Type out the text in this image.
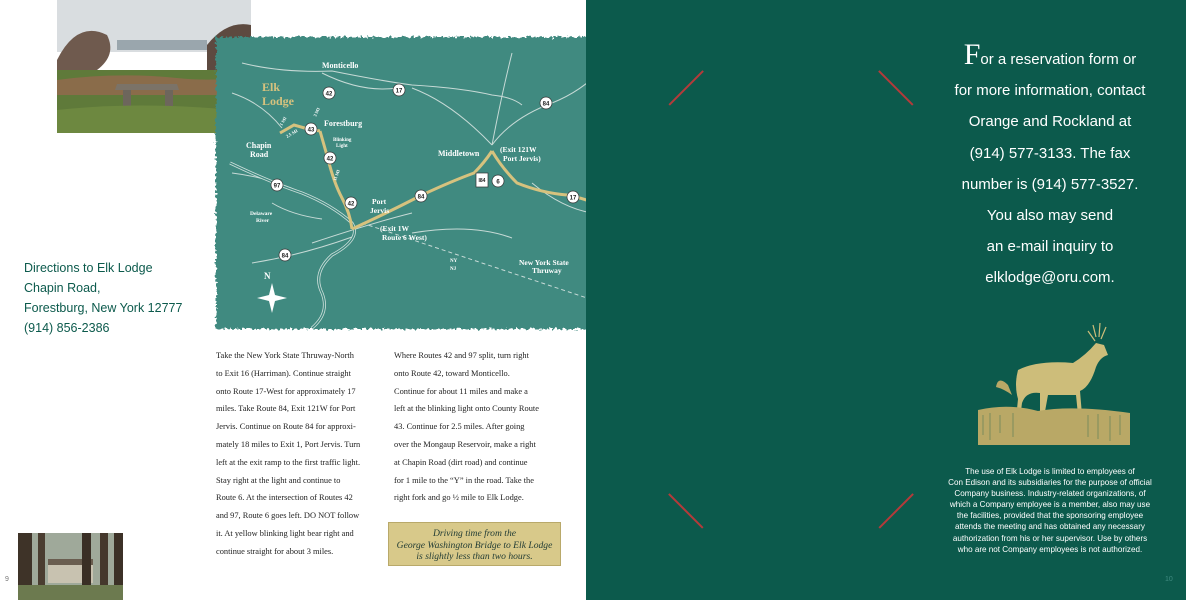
N
42	17
84
43
42
97
42
84
6
17
84
I84
Monticello
Elk
Lodge
Forestburg
Chapin
Road
Blinking
Light
Middletown	(Exit 121W
Port Jervis)
Port
Jervis
(Exit 1W
Route 6 West)
Delaware
River
New York State
Thruway
NY
NJ
2.5 MI
3 MI
11 MI
1 MI
Directions to Elk Lodge
Chapin Road,
Forestburg, New York 12777
(914) 856-2386
Take the New York State Thruway-North
to Exit 16 (Harriman). Continue straight
onto Route 17-West for approximately 17
miles. Take Route 84, Exit 121W for Port
Jervis. Continue on Route 84 for approxi-
mately 18 miles to Exit 1, Port Jervis. Turn
left at the exit ramp to the first traffic light.
Stay right at the light and continue to
Route 6. At the intersection of Routes 42
and 97, Route 6 goes left. DO NOT follow
it. At yellow blinking light bear right and
continue straight for about 3 miles.
Where Routes 42 and 97 split, turn right
onto Route 42, toward Monticello.
Continue for about 11 miles and make a
left at the blinking light onto County Route
43. Continue for 2.5 miles. After going
over the Mongaup Reservoir, make a right
at Chapin Road (dirt road) and continue
for 1 mile to the “Y” in the road. Take the
right fork and go ½ mile to Elk Lodge.
Driving time from the
George Washington Bridge to Elk Lodge
is slightly less than two hours.
9
For a reservation form or
for more information, contact
Orange and Rockland at
(914) 577-3133. The fax
number is (914) 577-3527.
You also may send
an e-mail inquiry to
elklodge@oru.com.
The use of Elk Lodge is limited to employees of
Con Edison and its subsidiaries for the purpose of official
Company business. Industry-related organizations, of
which a Company employee is a member, also may use
the facilities, provided that the sponsoring employee
attends the meeting and has obtained any necessary
authorization from his or her supervisor. Use by others
who are not Company employees is not authorized.
10
